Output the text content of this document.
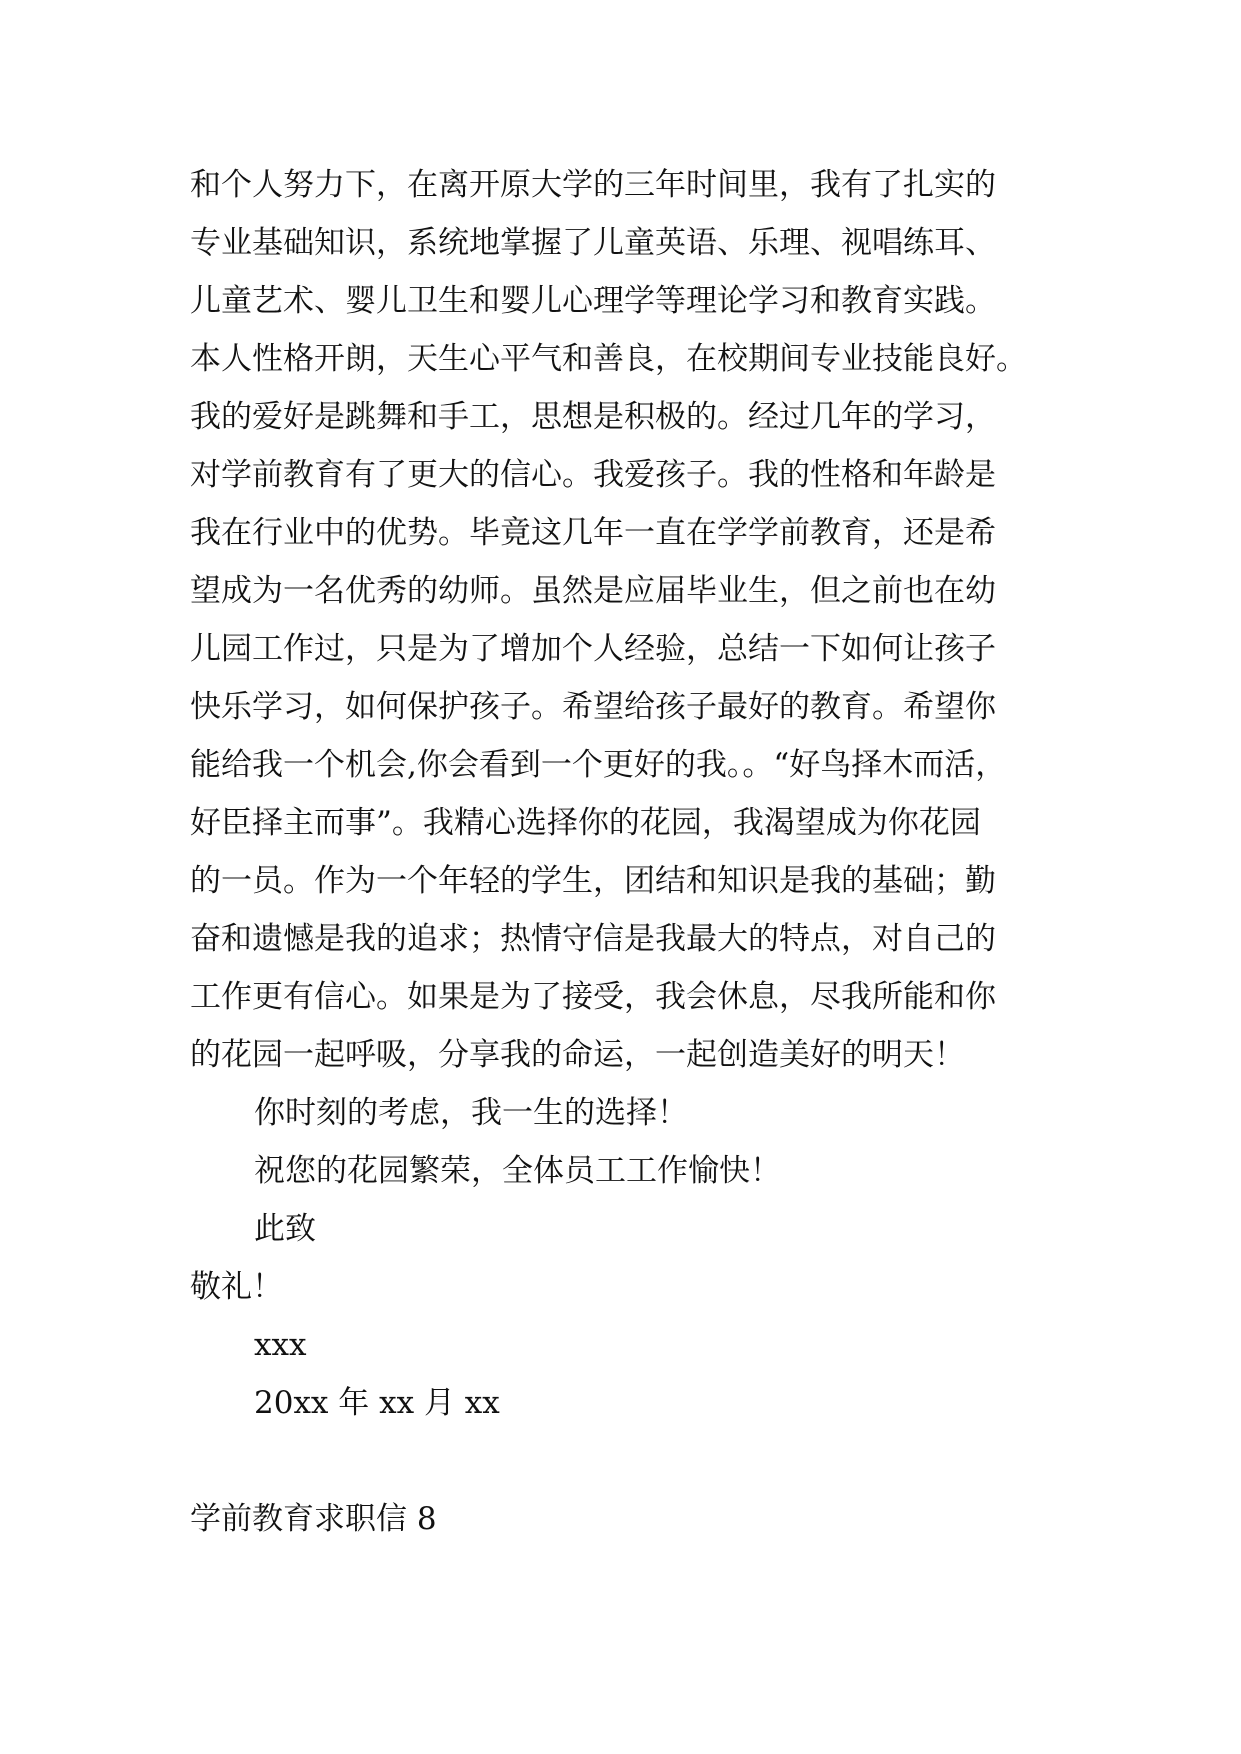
和个人努力下，在离开原大学的三年时间里，我有了扎实的
专业基础知识，系统地掌握了儿童英语、乐理、视唱练耳、
儿童艺术、婴儿卫生和婴儿心理学等理论学习和教育实践。
本人性格开朗，天生心平气和善良，在校期间专业技能良好。
我的爱好是跳舞和手工，思想是积极的。经过几年的学习，
对学前教育有了更大的信心。我爱孩子。我的性格和年龄是
我在行业中的优势。毕竟这几年一直在学学前教育，还是希
望成为一名优秀的幼师。虽然是应届毕业生，但之前也在幼
儿园工作过，只是为了增加个人经验，总结一下如何让孩子
快乐学习，如何保护孩子。希望给孩子最好的教育。希望你
能给我一个机会,你会看到一个更好的我。。“好鸟择木而活，
好臣择主而事”。我精心选择你的花园，我渴望成为你花园
的一员。作为一个年轻的学生，团结和知识是我的基础；勤
奋和遗憾是我的追求；热情守信是我最大的特点，对自己的
工作更有信心。如果是为了接受，我会休息，尽我所能和你
的花园一起呼吸，分享我的命运，一起创造美好的明天！
你时刻的考虑，我一生的选择！
祝您的花园繁荣，全体员工工作愉快！
此致
敬礼！
xxx
20xx 年 xx 月 xx
学前教育求职信 8
